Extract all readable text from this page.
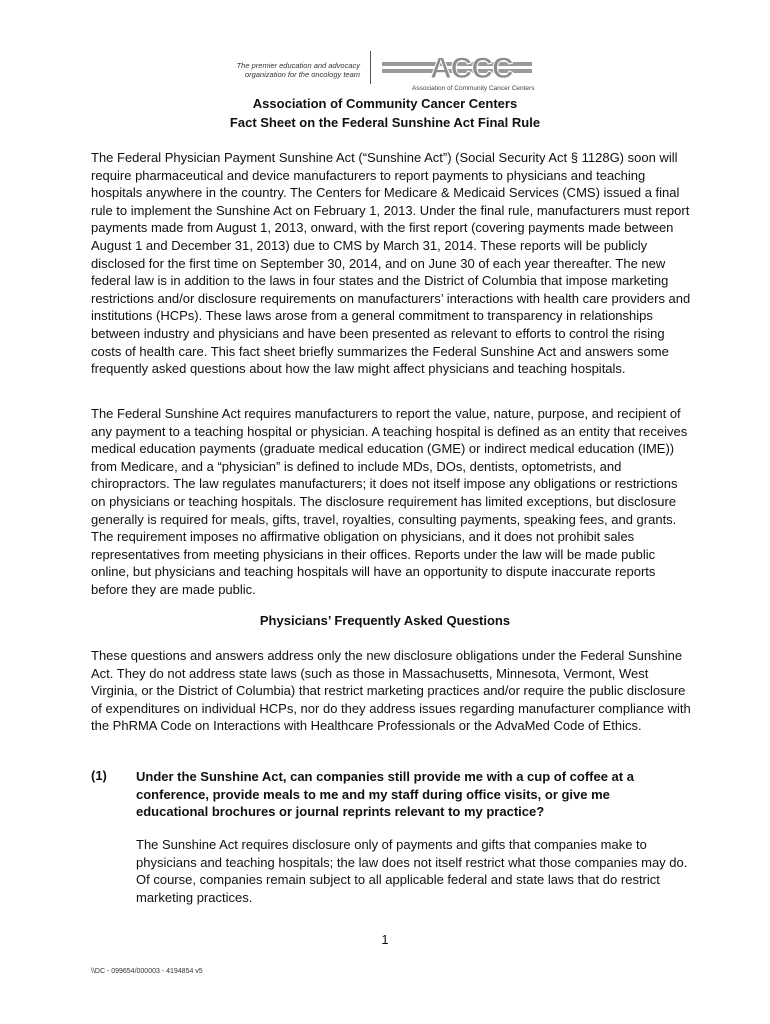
The premier education and advocacy
organization for the oncology team ACCC
Association of Community Cancer Centers
Association of Community Cancer Centers
Fact Sheet on the Federal Sunshine Act Final Rule

The Federal Physician Payment Sunshine Act (“Sunshine Act”) (Social Security Act § 1128G) soon will require pharmaceutical and device manufacturers to report payments to physicians and teaching hospitals anywhere in the country. The Centers for Medicare & Medicaid Services (CMS) issued a final rule to implement the Sunshine Act on February 1, 2013. Under the final rule, manufacturers must report payments made from August 1, 2013, onward, with the first report (covering payments made between August 1 and December 31, 2013) due to CMS by March 31, 2014. These reports will be publicly disclosed for the first time on September 30, 2014, and on June 30 of each year thereafter. The new federal law is in addition to the laws in four states and the District of Columbia that impose marketing restrictions and/or disclosure requirements on manufacturers’ interactions with health care providers and institutions (HCPs). These laws arose from a general commitment to transparency in relationships between industry and physicians and have been presented as relevant to efforts to control the rising costs of health care. This fact sheet briefly summarizes the Federal Sunshine Act and answers some frequently asked questions about how the law might affect physicians and teaching hospitals.

The Federal Sunshine Act requires manufacturers to report the value, nature, purpose, and recipient of any payment to a teaching hospital or physician. A teaching hospital is defined as an entity that receives medical education payments (graduate medical education (GME) or indirect medical education (IME)) from Medicare, and a “physician” is defined to include MDs, DOs, dentists, optometrists, and chiropractors. The law regulates manufacturers; it does not itself impose any obligations or restrictions on physicians or teaching hospitals. The disclosure requirement has limited exceptions, but disclosure generally is required for meals, gifts, travel, royalties, consulting payments, speaking fees, and grants. The requirement imposes no affirmative obligation on physicians, and it does not prohibit sales representatives from meeting physicians in their offices. Reports under the law will be made public online, but physicians and teaching hospitals will have an opportunity to dispute inaccurate reports before they are made public.

Physicians’ Frequently Asked Questions

These questions and answers address only the new disclosure obligations under the Federal Sunshine Act. They do not address state laws (such as those in Massachusetts, Minnesota, Vermont, West Virginia, or the District of Columbia) that restrict marketing practices and/or require the public disclosure of expenditures on individual HCPs, nor do they address issues regarding manufacturer compliance with the PhRMA Code on Interactions with Healthcare Professionals or the AdvaMed Code of Ethics.

(1) Under the Sunshine Act, can companies still provide me with a cup of coffee at a conference, provide meals to me and my staff during office visits, or give me educational brochures or journal reprints relevant to my practice?

The Sunshine Act requires disclosure only of payments and gifts that companies make to physicians and teaching hospitals; the law does not itself restrict what those companies may do. Of course, companies remain subject to all applicable federal and state laws that do restrict marketing practices.

1
\\DC - 099654/000003 - 4194854 v5
